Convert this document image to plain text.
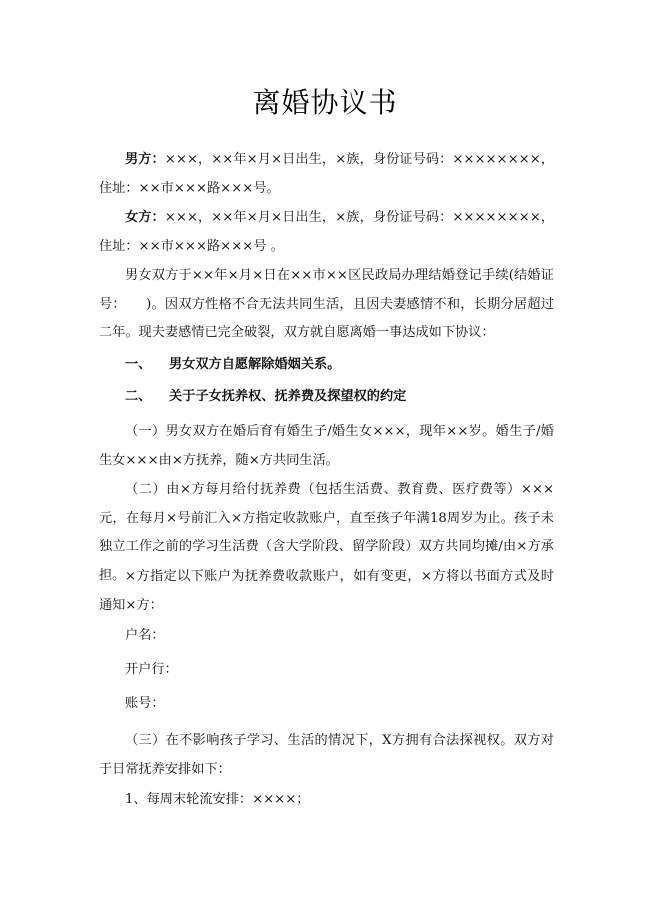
离婚协议书
男方：×××，××年×月×日出生，×族，身份证号码：××××××××，住址：××市×××路×××号。
女方：×××，××年×月×日出生，×族，身份证号码：××××××××，住址：××市×××路×××号 。
男女双方于××年×月×日在××市××区民政局办理结婚登记手续(结婚证号：　　)。因双方性格不合无法共同生活，且因夫妻感情不和，长期分居超过二年。现夫妻感情已完全破裂，双方就自愿离婚一事达成如下协议：
一、 男女双方自愿解除婚姻关系。
二、 关于子女抚养权、抚养费及探望权的约定
（一）男女双方在婚后育有婚生子/婚生女×××，现年××岁。婚生子/婚生女×××由×方抚养，随×方共同生活。
（二）由×方每月给付抚养费（包括生活费、教育费、医疗费等）×××元，在每月×号前汇入×方指定收款账户，直至孩子年满18周岁为止。孩子未独立工作之前的学习生活费（含大学阶段、留学阶段）双方共同均摊/由×方承担。 ×方指定以下账户为抚养费收款账户，如有变更，×方将以书面方式及时通知×方：
户名：
开户行：
账号：
（三）在不影响孩子学习、生活的情况下，X方拥有合法探视权。双方对于日常抚养安排如下：
1、每周末轮流安排：××××；
